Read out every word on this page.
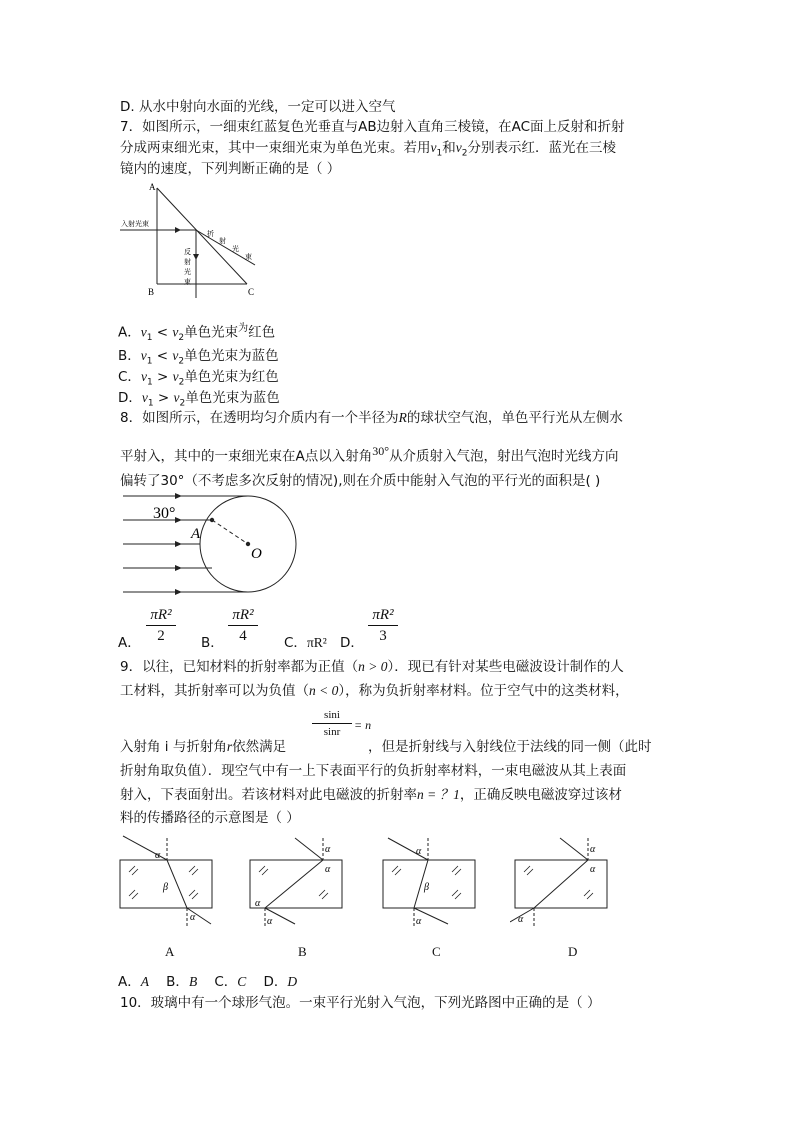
D. 从水中射向水面的光线，一定可以进入空气
7．如图所示，一细束红蓝复色光垂直与AB边射入直角三棱镜，在AC面上反射和折射
分成两束细光束，其中一束细光束为单色光束。若用$v_1$和$v_2$分别表示红．蓝光在三棱
镜内的速度，下列判断正确的是（ ）
A
B	C
入射光束
折
射
光
束
反
射
光
束
A．$v_1 < v_2$单色光束$^为$红色
B．$v_1 < v_2$单色光束为蓝色
C．$v_1 > v_2$单色光束为红色
D．$v_1 > v_2$单色光束为蓝色
8．如图所示，在透明均匀介质内有一个半径为R的球状空气泡，单色平行光从左侧水
平射入，其中的一束细光束在A点以入射角$^{30^\circ}$从介质射入气泡，射出气泡时光线方向
偏转了30°（不考虑多次反射的情况),则在介质中能射入气泡的平行光的面积是( )
30°
A
O
A．
πR²
2	B．
πR²
4	C．πR² D．
πR²
3
9．以往，已知材料的折射率都为正值（n > 0）．现已有针对某些电磁波设计制作的人
工材料，其折射率可以为负值（n < 0），称为负折射率材料。位于空气中的这类材料，
sini
sinr	= n
入射角 i 与折射角r依然满足	，但是折射线与入射线位于法线的同一侧（此时
折射角取负值）．现空气中有一上下表面平行的负折射率材料，一束电磁波从其上表面
射入，下表面射出。若该材料对此电磁波的折射率n = ？1，正确反映电磁波穿过该材
料的传播路径的示意图是（ ）
α
β
α
α
α
α
α
α
β
α
α
α
α
A	B	C	D
A．A B．B C．C D．D
10．玻璃中有一个球形气泡。一束平行光射入气泡，下列光路图中正确的是（ ）
